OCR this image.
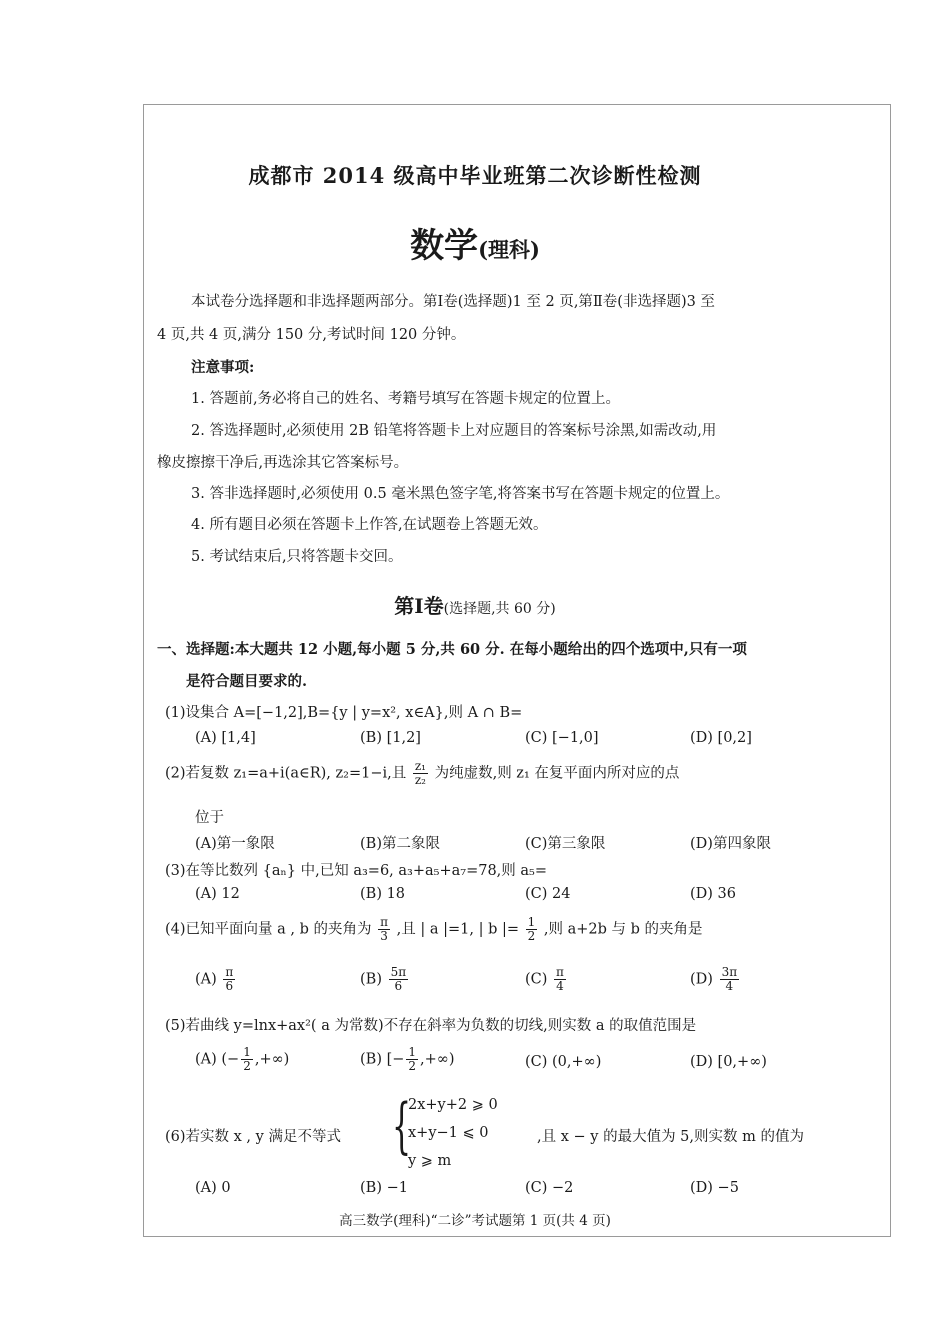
成都市 2014 级高中毕业班第二次诊断性检测
数学(理科)
本试卷分选择题和非选择题两部分。第Ⅰ卷(选择题)1 至 2 页,第Ⅱ卷(非选择题)3 至
4 页,共 4 页,满分 150 分,考试时间 120 分钟。
注意事项:
1. 答题前,务必将自己的姓名、考籍号填写在答题卡规定的位置上。
2. 答选择题时,必须使用 2B 铅笔将答题卡上对应题目的答案标号涂黑,如需改动,用
橡皮擦擦干净后,再选涂其它答案标号。
3. 答非选择题时,必须使用 0.5 毫米黑色签字笔,将答案书写在答题卡规定的位置上。
4. 所有题目必须在答题卡上作答,在试题卷上答题无效。
5. 考试结束后,只将答题卡交回。
第Ⅰ卷(选择题,共 60 分)
一、选择题:本大题共 12 小题,每小题 5 分,共 60 分. 在每小题给出的四个选项中,只有一项
是符合题目要求的.
(1)设集合 A=[−1,2],B={y | y=x², x∈A},则 A ∩ B=
(A) [1,4]	(B) [1,2]	(C) [−1,0]	(D) [0,2]
(2)若复数 z₁=a+i(a∈R), z₂=1−i,且 $\frac{\text{z₁}}{\text{z₂}}$ 为纯虚数,则 z₁ 在复平面内所对应的点
位于
(A)第一象限	(B)第二象限	(C)第三象限	(D)第四象限
(3)在等比数列 {aₙ} 中,已知 a₃=6, a₃+a₅+a₇=78,则 a₅=
(A) 12	(B) 18	(C) 24	(D) 36
(4)已知平面向量 a , b 的夹角为 $\frac{\pi}{3}$ ,且 | a |=1, | b |= $\frac{1}{2}$ ,则 a+2b 与 b 的夹角是
$(A) \frac{\pi}{6}$	$(B) \frac{5\pi}{6}$	$(C) \frac{\pi}{4}$	$(D) \frac{3\pi}{4}$
(5)若曲线 y=lnx+ax²( a 为常数)不存在斜率为负数的切线,则实数 a 的取值范围是
(A) (− $\frac{1}{2}$ ,+∞)	(B) [− $\frac{1}{2}$ ,+∞)	(C) (0,+∞)	(D) [0,+∞)
(6)若实数 x , y 满足不等式 {
2x+y+2 ⩾ 0
x+y−1 ⩽ 0
y ⩾ m
,且 x − y 的最大值为 5,则实数 m 的值为
(A) 0	(B) −1	(C) −2	(D) −5
高三数学(理科)“二诊”考试题第 1 页(共 4 页)
